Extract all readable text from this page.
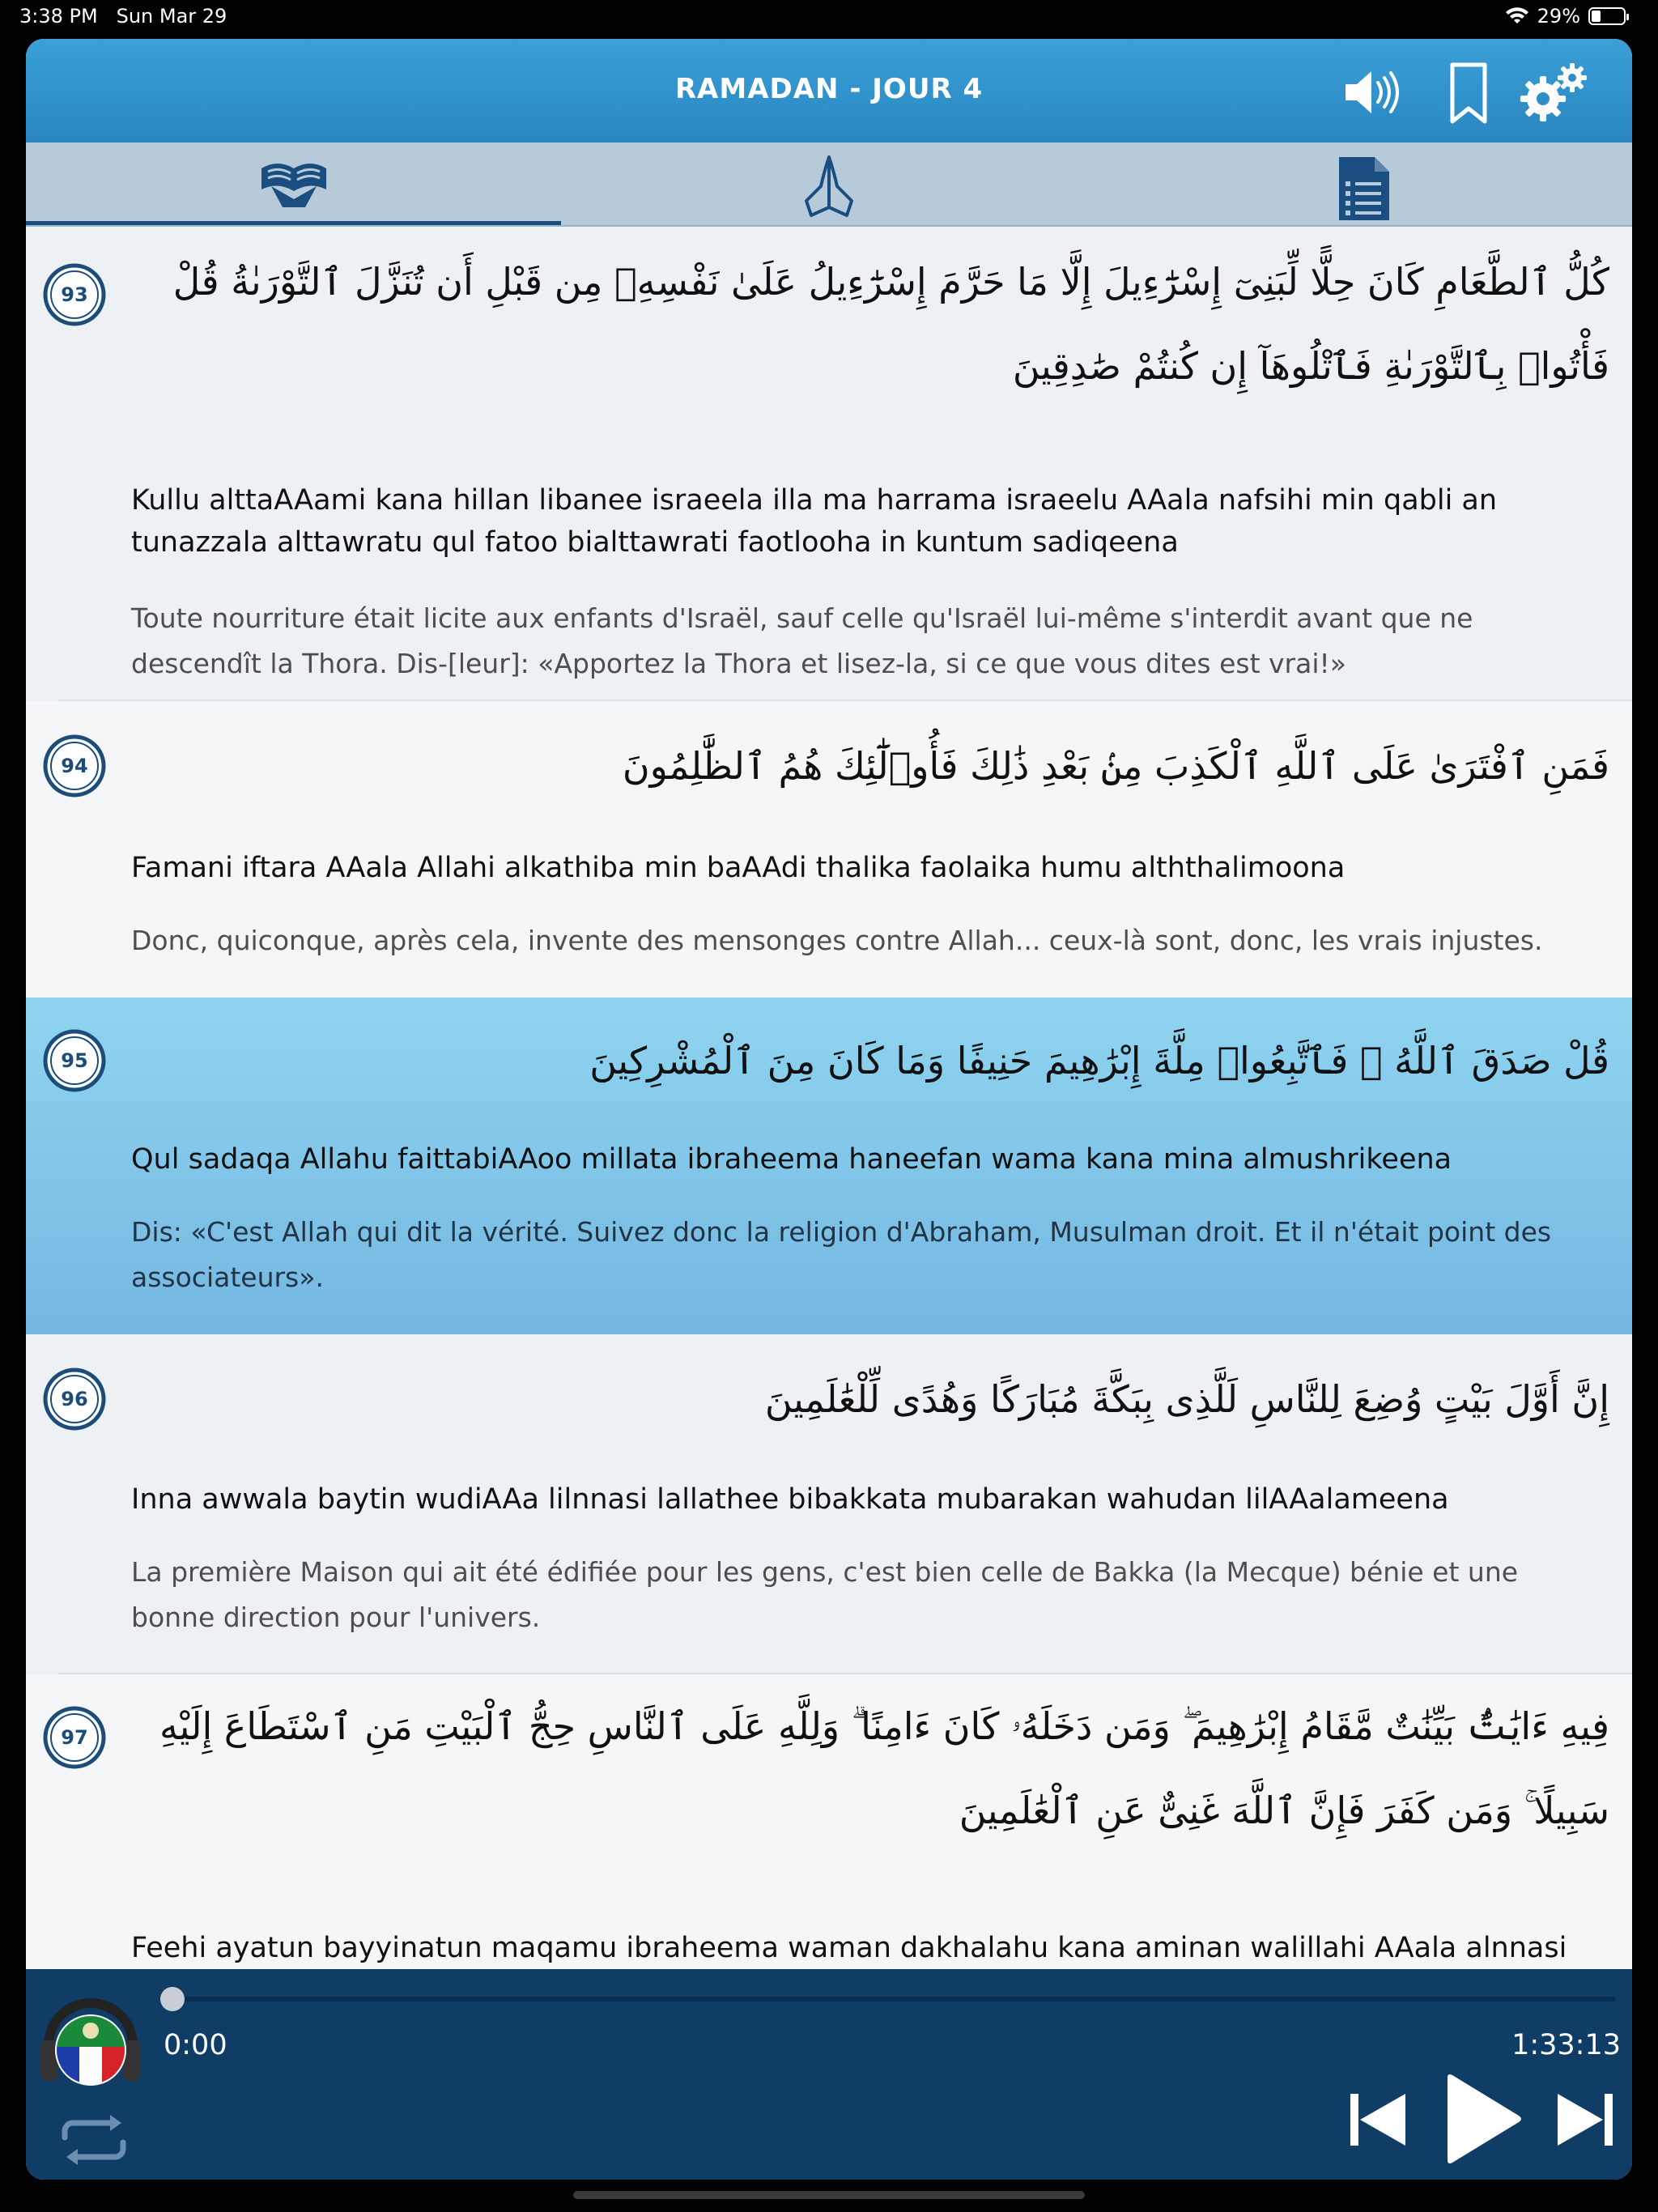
3:38 PM Sun Mar 29	29%
RAMADAN - JOUR 4
93	كُلُّ ٱلطَّعَامِ كَانَ حِلًّا لِّبَنِىٓ إِسْرَٰٓءِيلَ إِلَّا مَا حَرَّمَ إِسْرَٰٓءِيلُ عَلَىٰ نَفْسِهِۦ مِن قَبْلِ أَن تُنَزَّلَ ٱلتَّوْرَىٰةُ قُلْ فَأْتُوا۟ بِٱلتَّوْرَىٰةِ فَٱتْلُوهَآ إِن كُنتُمْ صَٰدِقِينَ
Kullu alttaAAami kana hillan libanee israeela illa ma harrama israeelu AAala nafsihi min qabli an tunazzala alttawratu qul fatoo bialttawrati faotlooha in kuntum sadiqeena
Toute nourriture était licite aux enfants d'Israël, sauf celle qu'Israël lui-même s'interdit avant que ne descendît la Thora. Dis-[leur]: «Apportez la Thora et lisez-la, si ce que vous dites est vrai!»
94	فَمَنِ ٱفْتَرَىٰ عَلَى ٱللَّهِ ٱلْكَذِبَ مِنۢ بَعْدِ ذَٰلِكَ فَأُو۟لَٰٓئِكَ هُمُ ٱلظَّٰلِمُونَ
Famani iftara AAala Allahi alkathiba min baAAdi thalika faolaika humu alththalimoona
Donc, quiconque, après cela, invente des mensonges contre Allah... ceux-là sont, donc, les vrais injustes.
95	قُلْ صَدَقَ ٱللَّهُ ۗ فَٱتَّبِعُوا۟ مِلَّةَ إِبْرَٰهِيمَ حَنِيفًا وَمَا كَانَ مِنَ ٱلْمُشْرِكِينَ
Qul sadaqa Allahu faittabiAAoo millata ibraheema haneefan wama kana mina almushrikeena
Dis: «C'est Allah qui dit la vérité. Suivez donc la religion d'Abraham, Musulman droit. Et il n'était point des associateurs».
96	إِنَّ أَوَّلَ بَيْتٍ وُضِعَ لِلنَّاسِ لَلَّذِى بِبَكَّةَ مُبَارَكًا وَهُدًى لِّلْعَٰلَمِينَ
Inna awwala baytin wudiAAa lilnnasi lallathee bibakkata mubarakan wahudan lilAAalameena
La première Maison qui ait été édifiée pour les gens, c'est bien celle de Bakka (la Mecque) bénie et une bonne direction pour l'univers.
97	فِيهِ ءَايَٰتٌۢ بَيِّنَٰتٌ مَّقَامُ إِبْرَٰهِيمَ ۖ وَمَن دَخَلَهُۥ كَانَ ءَامِنًا ۗ وَلِلَّهِ عَلَى ٱلنَّاسِ حِجُّ ٱلْبَيْتِ مَنِ ٱسْتَطَاعَ إِلَيْهِ سَبِيلًا ۚ وَمَن كَفَرَ فَإِنَّ ٱللَّهَ غَنِىٌّ عَنِ ٱلْعَٰلَمِينَ
Feehi ayatun bayyinatun maqamu ibraheema waman dakhalahu kana aminan walillahi AAala alnnasi
0:00	1:33:13
